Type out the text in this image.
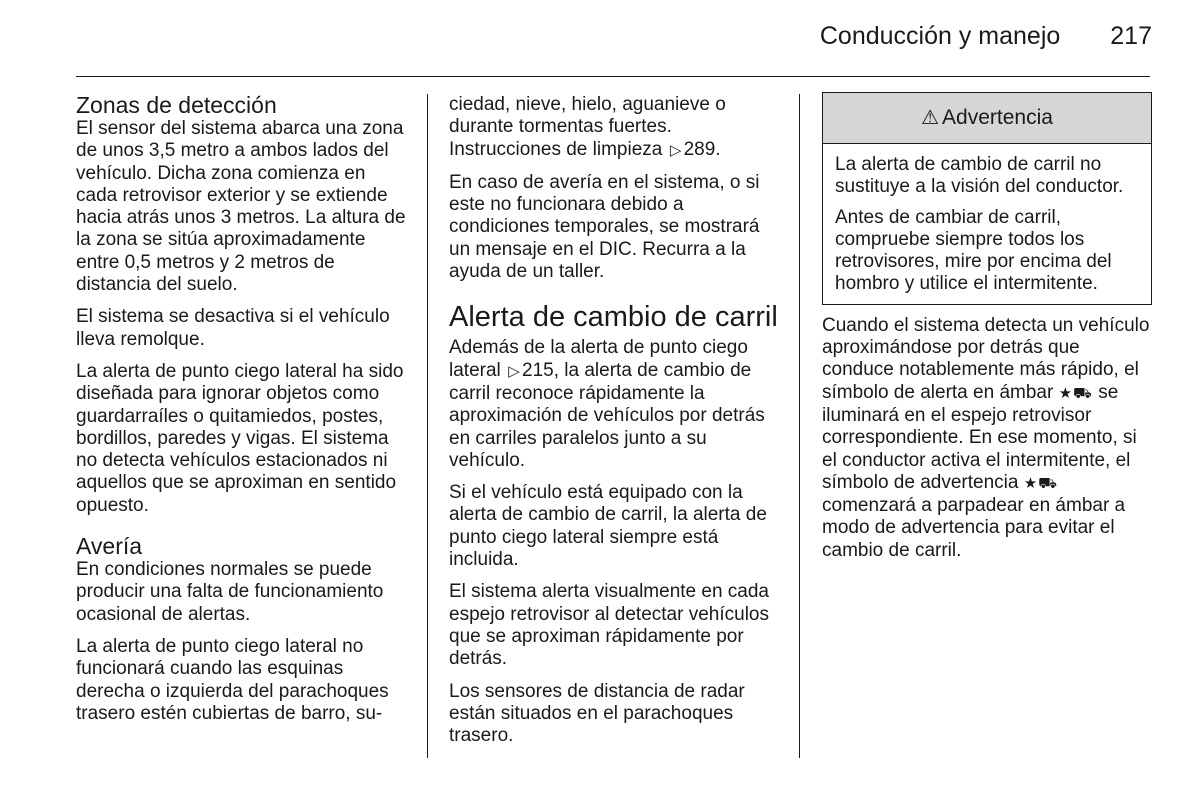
Conducción y manejo 217
Zonas de detección

El sensor del sistema abarca una zona de unos 3,5 metro a ambos lados del vehículo. Dicha zona comienza en cada retrovisor exterior y se extiende hacia atrás unos 3 metros. La altura de la zona se sitúa aproximadamente entre 0,5 metros y 2 metros de distancia del suelo.

El sistema se desactiva si el vehículo lleva remolque.

La alerta de punto ciego lateral ha sido diseñada para ignorar objetos como guardarraíles o quitamiedos, postes, bordillos, paredes y vigas. El sistema no detecta vehículos estacionados ni aquellos que se aproximan en sentido opuesto.

Avería

En condiciones normales se puede producir una falta de funcionamiento ocasional de alertas.

La alerta de punto ciego lateral no funcionará cuando las esquinas derecha o izquierda del parachoques trasero estén cubiertas de barro, su-

ciedad, nieve, hielo, aguanieve o durante tormentas fuertes. Instrucciones de limpieza ▷ 289.

En caso de avería en el sistema, o si este no funcionara debido a condiciones temporales, se mostrará un mensaje en el DIC. Recurra a la ayuda de un taller.

Alerta de cambio de carril

Además de la alerta de punto ciego lateral ▷ 215, la alerta de cambio de carril reconoce rápidamente la aproximación de vehículos por detrás en carriles paralelos junto a su vehículo.

Si el vehículo está equipado con la alerta de cambio de carril, la alerta de punto ciego lateral siempre está incluida.

El sistema alerta visualmente en cada espejo retrovisor al detectar vehículos que se aproximan rápidamente por detrás.

Los sensores de distancia de radar están situados en el parachoques trasero.

⚠ Advertencia

La alerta de cambio de carril no sustituye a la visión del conductor.

Antes de cambiar de carril, compruebe siempre todos los retrovisores, mire por encima del hombro y utilice el intermitente.

Cuando el sistema detecta un vehículo aproximándose por detrás que conduce notablemente más rápido, el símbolo de alerta en ámbar ★⛟ se iluminará en el espejo retrovisor correspondiente. En ese momento, si el conductor activa el intermitente, el símbolo de advertencia ★⛟ comenzará a parpadear en ámbar a modo de advertencia para evitar el cambio de carril.
